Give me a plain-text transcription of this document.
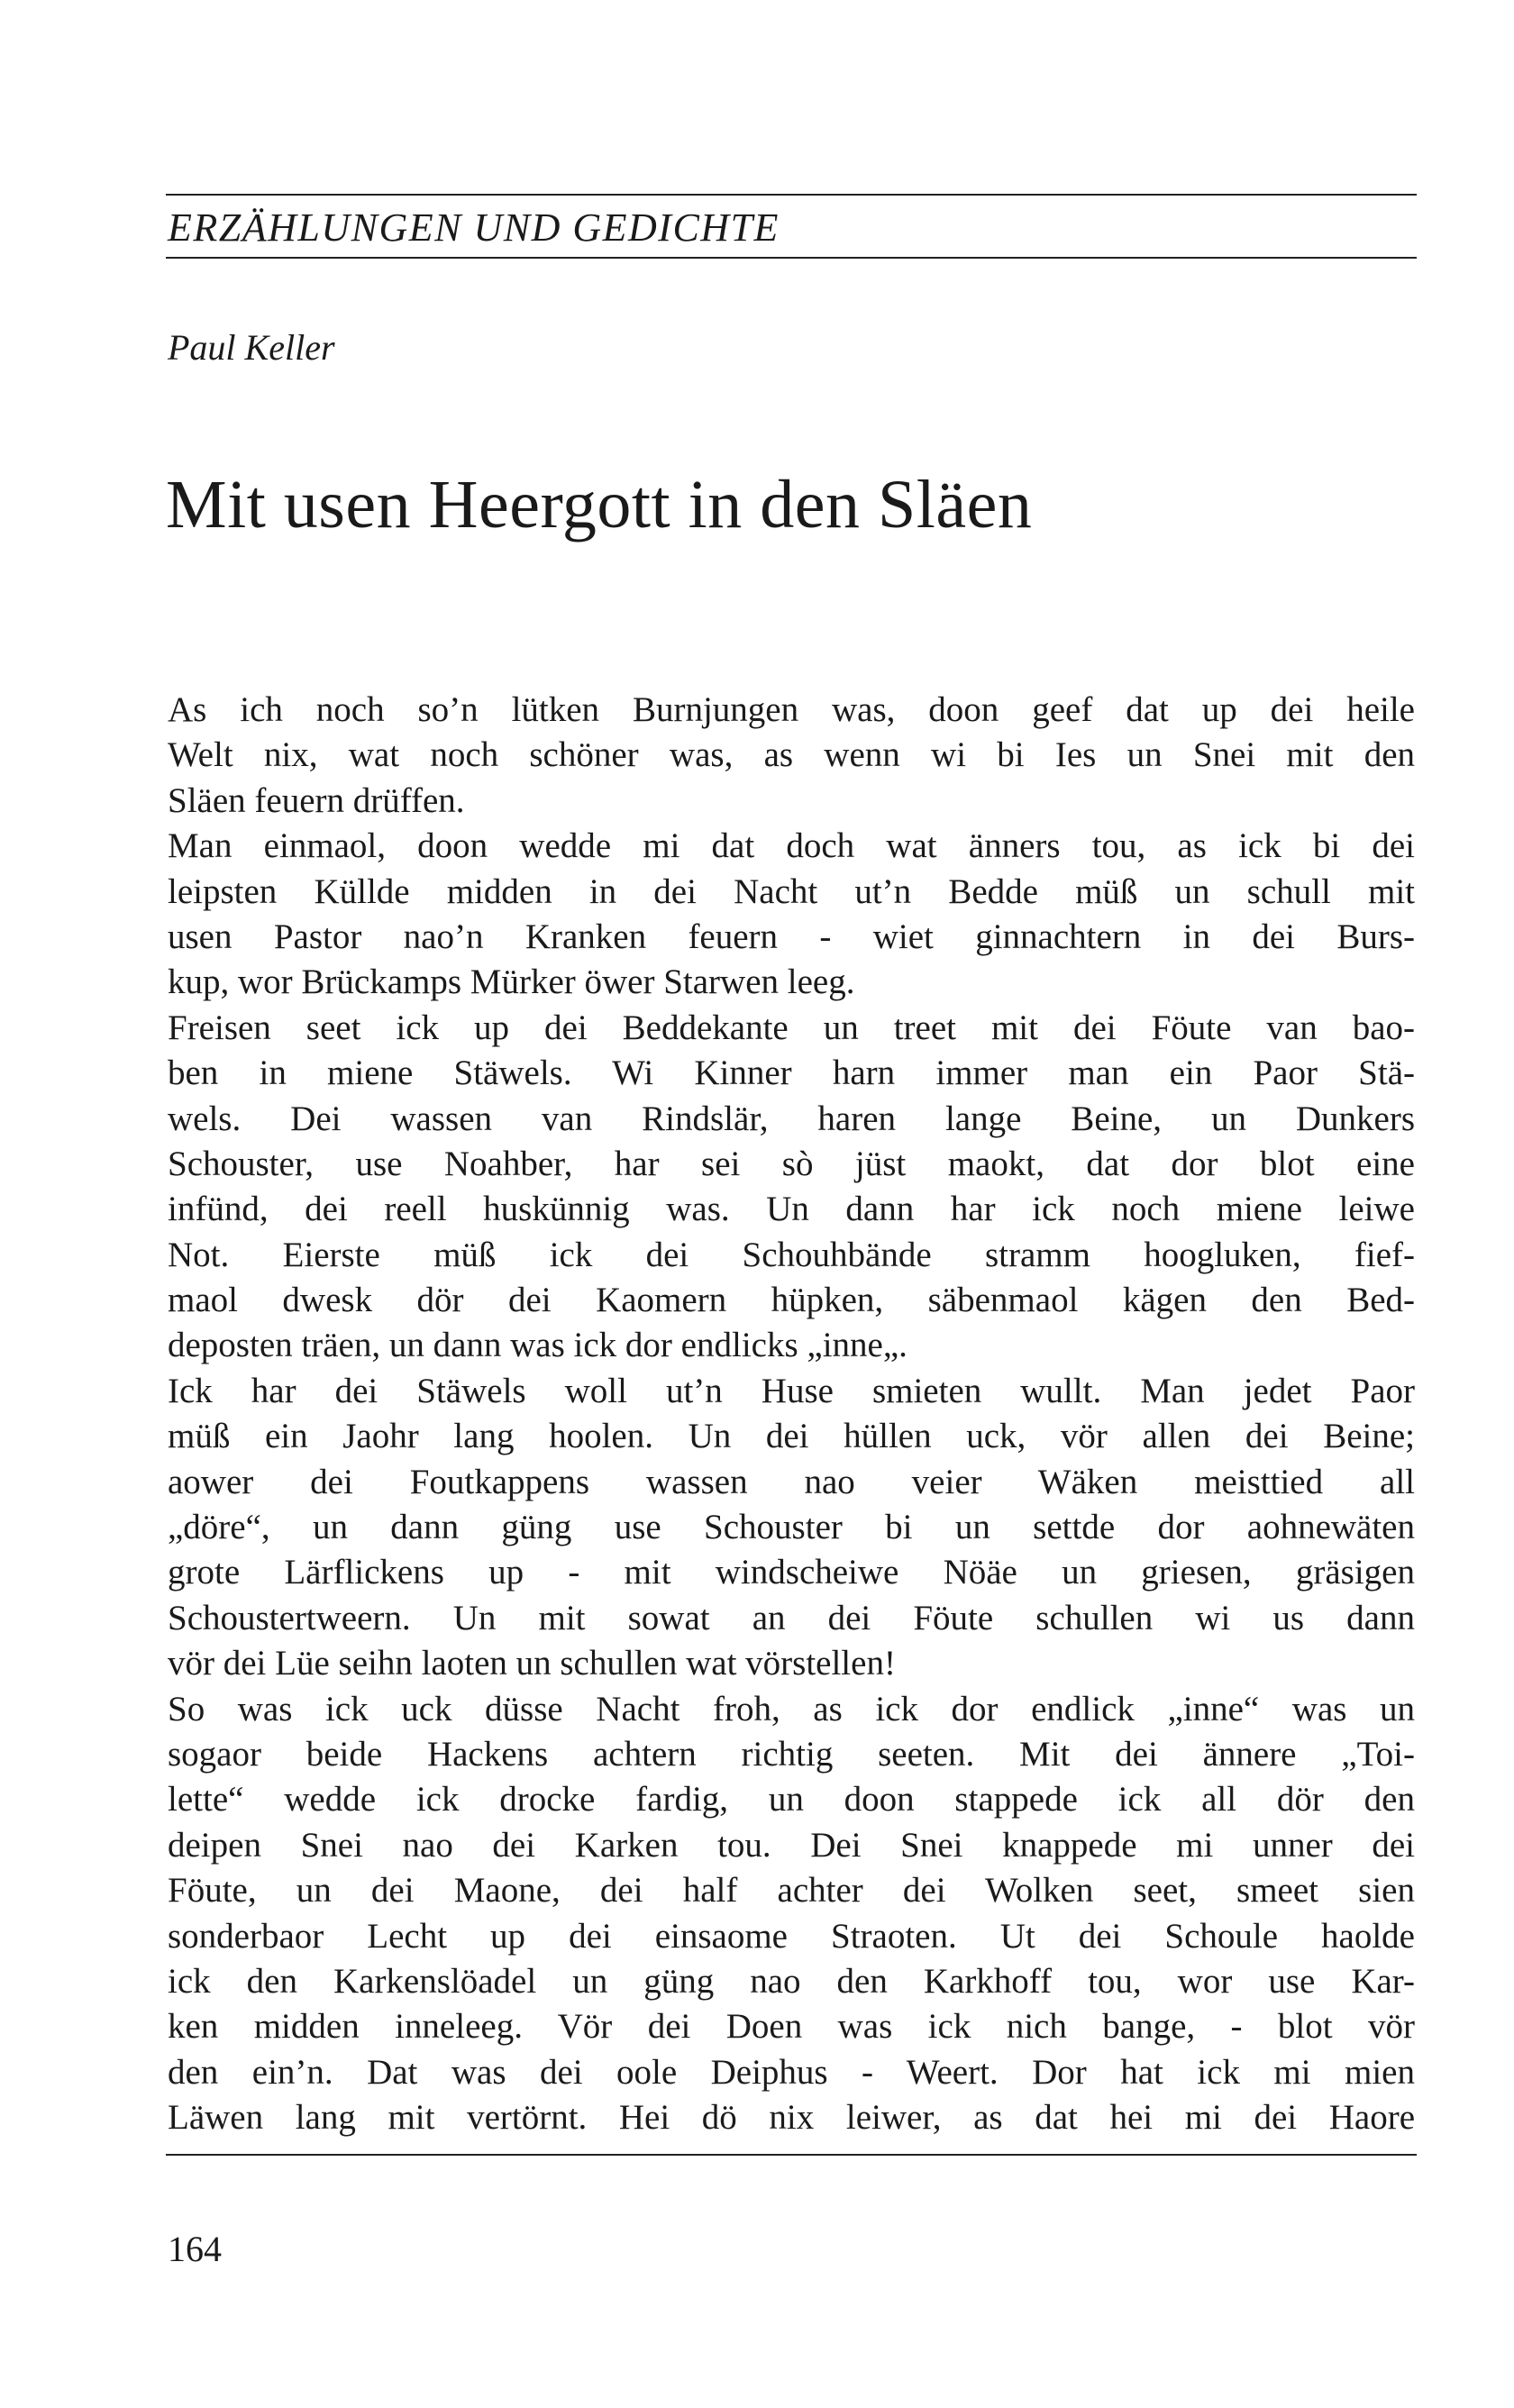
ERZÄHLUNGEN UND GEDICHTE
Paul Keller
Mit usen Heergott in den Släen
As ich noch so’n lütken Burnjungen was, doon geef dat up dei heile
Welt nix, wat noch schöner was, as wenn wi bi Ies un Snei mit den
Släen feuern drüffen.
Man einmaol, doon wedde mi dat doch wat änners tou, as ick bi dei
leipsten Küllde midden in dei Nacht ut’n Bedde müß un schull mit
usen Pastor nao’n Kranken feuern - wiet ginnachtern in dei Burs-
kup, wor Brückamps Mürker öwer Starwen leeg.
Freisen seet ick up dei Beddekante un treet mit dei Föute van bao-
ben in miene Stäwels. Wi Kinner harn immer man ein Paor Stä-
wels. Dei wassen van Rindslär, haren lange Beine, un Dunkers
Schouster, use Noahber, har sei sò jüst maokt, dat dor blot eine
infünd, dei reell huskünnig was. Un dann har ick noch miene leiwe
Not. Eierste müß ick dei Schouhbände stramm hoogluken, fief-
maol dwesk dör dei Kaomern hüpken, säbenmaol kägen den Bed-
deposten träen, un dann was ick dor endlicks „inne„.
Ick har dei Stäwels woll ut’n Huse smieten wullt. Man jedet Paor
müß ein Jaohr lang hoolen. Un dei hüllen uck, vör allen dei Beine;
aower dei Foutkappens wassen nao veier Wäken meisttied all
„döre“, un dann güng use Schouster bi un settde dor aohnewäten
grote Lärflickens up - mit windscheiwe Nöäe un griesen, gräsigen
Schoustertweern. Un mit sowat an dei Föute schullen wi us dann
vör dei Lüe seihn laoten un schullen wat vörstellen!
So was ick uck düsse Nacht froh, as ick dor endlick „inne“ was un
sogaor beide Hackens achtern richtig seeten. Mit dei ännere „Toi-
lette“ wedde ick drocke fardig, un doon stappede ick all dör den
deipen Snei nao dei Karken tou. Dei Snei knappede mi unner dei
Föute, un dei Maone, dei half achter dei Wolken seet, smeet sien
sonderbaor Lecht up dei einsaome Straoten. Ut dei Schoule haolde
ick den Karkenslöadel un güng nao den Karkhoff tou, wor use Kar-
ken midden inneleeg. Vör dei Doen was ick nich bange, - blot vör
den ein’n. Dat was dei oole Deiphus - Weert. Dor hat ick mi mien
Läwen lang mit vertörnt. Hei dö nix leiwer, as dat hei mi dei Haore
164
